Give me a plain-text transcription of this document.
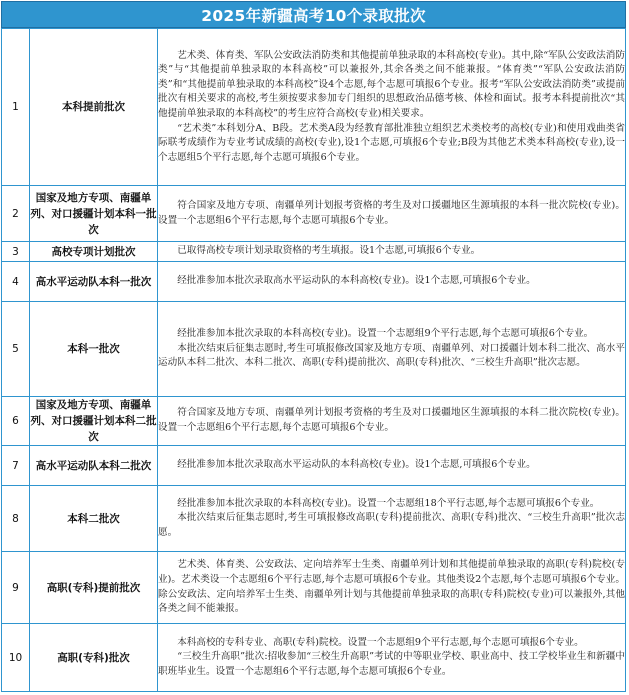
2025年新疆高考10个录取批次
1	本科提前批次	艺术类、体育类、军队公安政法消防类和其他提前单独录取的本科高校(专业)。其中,除“军队公安政法消防类”与“其他提前单独录取的本科高校”可以兼报外,其余各类之间不能兼报。“体育类”“军队公安政法消防类”和“其他提前单独录取的本科高校”设4个志愿,每个志愿可填报6个专业。报考“军队公安政法消防类”或提前批次有相关要求的高校,考生须按要求参加专门组织的思想政治品德考核、体检和面试。报考本科提前批次“其他提前单独录取的本科高校”的考生应符合高校(专业)相关要求。

“艺术类”本科划分A、B段。艺术类A段为经教育部批准独立组织艺术类校考的高校(专业)和使用戏曲类省际联考成绩作为专业考试成绩的高校(专业),设1个志愿,可填报6个专业;B段为其他艺术类本科高校(专业),设一个志愿组5个平行志愿,每个志愿可填报6个专业。

2	国家及地方专项、南疆单列、对口援疆计划本科一批次	符合国家及地方专项、南疆单列计划报考资格的考生及对口援疆地区生源填报的本科一批次院校(专业)。设置一个志愿组6个平行志愿,每个志愿可填报6个专业。

3	高校专项计划批次	已取得高校专项计划录取资格的考生填报。设1个志愿,可填报6个专业。

4	高水平运动队本科一批次	经批准参加本批次录取高水平运动队的本科高校(专业)。设1个志愿,可填报6个专业。

5	本科一批次	经批准参加本批次录取的本科高校(专业)。设置一个志愿组9个平行志愿,每个志愿可填报6个专业。

本批次结束后征集志愿时,考生可填报修改国家及地方专项、南疆单列、对口援疆计划本科二批次、高水平运动队本科二批次、本科二批次、高职(专科)提前批次、高职(专科)批次、“三校生升高职”批次志愿。

6	国家及地方专项、南疆单列、对口援疆计划本科二批次	符合国家及地方专项、南疆单列计划报考资格的考生及对口援疆地区生源填报的本科二批次院校(专业)。设置一个志愿组6个平行志愿,每个志愿可填报6个专业。

7	高水平运动队本科二批次	经批准参加本批次录取高水平运动队的本科高校(专业)。设1个志愿,可填报6个专业。

8	本科二批次	经批准参加本批次录取的本科高校(专业)。设置一个志愿组18个平行志愿,每个志愿可填报6个专业。

本批次结束后征集志愿时,考生可填报修改高职(专科)提前批次、高职(专科)批次、“三校生升高职”批次志愿。

9	高职(专科)提前批次	艺术类、体育类、公安政法、定向培养军士生类、南疆单列计划和其他提前单独录取的高职(专科)院校(专业)。艺术类设一个志愿组6个平行志愿,每个志愿可填报6个专业。其他类设2个志愿,每个志愿可填报6个专业。除公安政法、定向培养军士生类、南疆单列计划与其他提前单独录取的高职(专科)院校(专业)可以兼报外,其他各类之间不能兼报。

10	高职(专科)批次	本科高校的专科专业、高职(专科)院校。设置一个志愿组9个平行志愿,每个志愿可填报6个专业。

“三校生升高职”批次:招收参加“三校生升高职”考试的中等职业学校、职业高中、技工学校毕业生和新疆中职班毕业生。设置一个志愿组6个平行志愿,每个志愿可填报6个专业。
